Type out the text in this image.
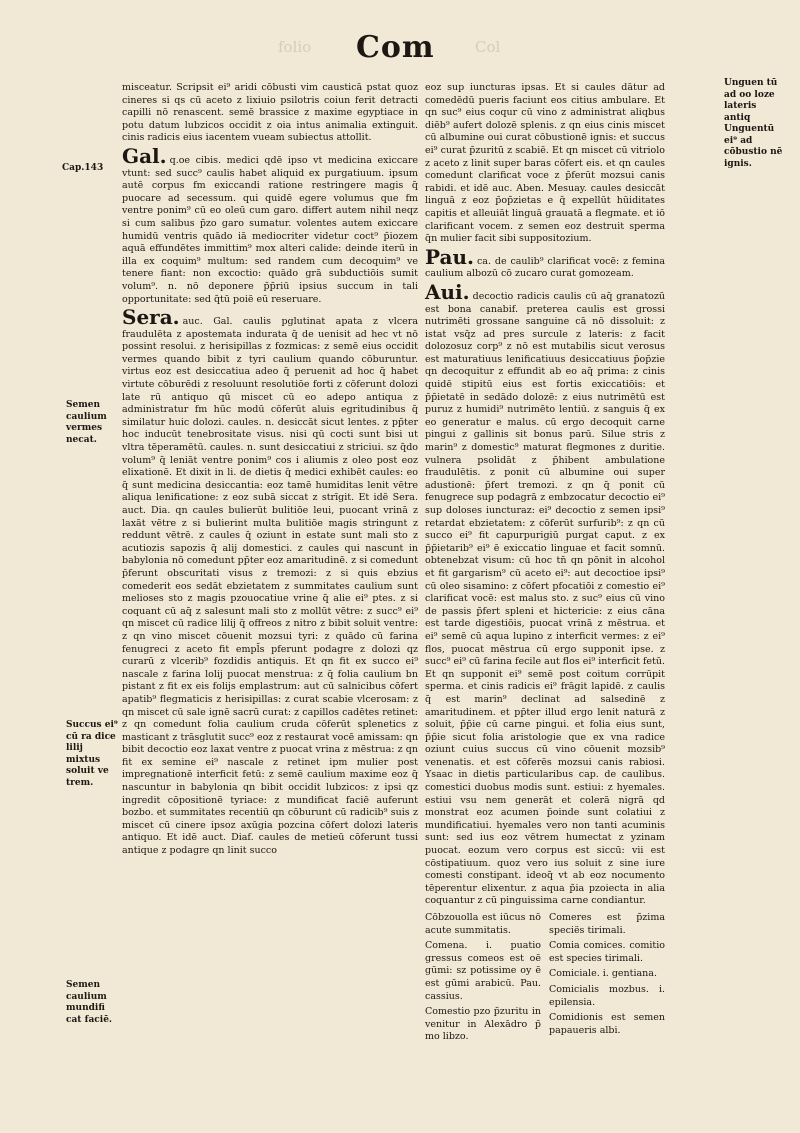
folio Com	Col
Cap.143
Semen caulium vermes necat.
Succus ei⁹ cū ra dice lilij mixtus soluit ve trem.
Semen caulium mundifi cat faciē.
Unguen tū ad oo loze lateris antiq Unguentū ei⁹ ad cōbustio nē ignis.

misceatur. Scripsit ei⁹ aridi cōbusti vim causticā pstat quoz cineres si qs cū aceto z lixiuio psilotris coiun ferit detracti capilli nō renascent. semē brassice z maxime egyptiace in potu datum lubzicos occidit z oia intus animalia extinguit. cinis radicis eius iacentem vueam subiectus attollit.

Gal. q.oe cibis. medici qdē ipso vt medicina exiccare vtunt: sed succ⁹ caulis habet aliquid ex purgatiuum. ipsum autē corpus fm exiccandi ratione restringere magis q̄ puocare ad secessum. qui quidē egere volumus que fm ventre ponim⁹ cū eo oleū cum garo. differt autem nihil neqz si cum salibus p̄zo garo sumatur. volentes autem exiccare humidū ventris quādo iā mediocriter videtur coct⁹ p̄iozem aquā effundētes immittim⁹ mox alteri calide: deinde iterū in illa ex coquim⁹ multum: sed randem cum decoquim⁹ ve tenere fiant: non excoctio: quādo grā subductiōis sumit volum⁹. n. nō deponere p̄p̄riū ipsius succum in tali opportunitate: sed q̄tū poiē eū reseruare.

Sera. auc. Gal. caulis pglutinat apata z vlcera fraudulēta z apostemata indurata q̄ de uenisit ad hec vt nō possint resolui. z herisipillas z fozmicas: z semē eius occidit vermes quando bibit z tyri caulium quando cōburuntur. virtus eoz est desiccatiua adeo q̄ peruenit ad hoc q̄ habet virtute cōburēdi z resoluunt resolutiōe forti z cōferunt dolozi late rū antiquo qū miscet cū eo adepo antiqua z administratur fm hūc modū cōferūt aluis egritudinibus q̄ similatur huic dolozi. caules. n. desiccāt sicut lentes. z pp̄ter hoc inducūt tenebrositate visus. nisi qū cocti sunt bisi ut vltra tēperamētū. caules. n. sunt desiccatiui z striciui. sz q̄do volum⁹ q̄ leniāt ventre ponim⁹ cos i aliumis z oleo post eoz elixationē. Et dixit in li. de dietis q̄ medici exhibēt caules: eo q̄ sunt medicina desiccantia: eoz tamē humiditas lenit vētre aliqua lenificatione: z eoz subā siccat z strīgit. Et idē Sera. auct. Dia. qn caules bulierūt bulitiōe leui, puocant vrinā z laxāt vētre z si bulierint multa bulitiōe magis stringunt z reddunt vētrē. z caules q̄ oziunt in estate sunt mali sto z acutiozis sapozis q̄ alij domestici. z caules qui nascunt in babylonia nō comedunt pp̄ter eoz amaritudinē. z si comedunt p̄ferunt obscuritati visus z tremozi: z si quis ebzius comederit eos sedāt ebzietatem z summitates caulium sunt melioses sto z magis pzouocatiue vrine q̄ alie ei⁹ ptes. z si coquant cū aq̄ z salesunt mali sto z mollūt vētre: z succ⁹ ei⁹ qn miscet cū radice lilij q̄ offreos z nitro z bibit soluit ventre: z qn vino miscet cōuenit mozsui tyri: z quādo cū farina fenugreci z aceto fit empl̄s pferunt podagre z dolozi qz curarū z vlcerib⁹ fozdidis antiquis. Et qn fit ex succo ei⁹ nascale z farina lolij puocat menstrua: z q̄ folia caulium bn pistant z fit ex eis folijs emplastrum: aut cū salnicibus cōfert apatib⁹ flegmaticis z herisipillas: z curat scabie vlcerosam: z qn miscet cū sale ignē sacrū curat: z capillos cadētes retinet: z qn comedunt folia caulium cruda cōferūt splenetics z masticant z trāsglutit succ⁹ eoz z restaurat vocē amissam: qn bibit decoctio eoz laxat ventre z puocat vrina z mēstrua: z qn fit ex semine ei⁹ nascale z retinet ipm mulier post impregnationē interficit fetū: z semē caulium maxime eoz q̄ nascuntur in babylonia qn bibit occidit lubzicos: z ipsi qz ingredit cōpositionē tyriace: z mundificat faciē auferunt bozbo. et summitates recentiū qn cōburunt cū radicib⁹ suis z miscet cū cinere ipsoz axūgia pozcina cōfert dolozi lateris antiquo. Et idē auct. Diaf. caules de metieū cōferunt tussi antique z podagre qn linit succo

eoz sup iuncturas ipsas. Et si caules dātur ad comedēdū pueris faciunt eos citius ambulare. Et qn suc⁹ eius coqur cū vino z administrat aliqbus diēb⁹ aufert dolozē splenis. z qn eius cinis miscet cū albumine oui curat cōbustionē ignis: et succus ei⁹ curat p̄zuritū z scabiē. Et qn miscet cū vitriolo z aceto z linit super baras cōfert eis. et qn caules comedunt clarificat voce z p̄ferūt mozsui canis rabidi. et idē auc. Aben. Mesuay. caules desiccāt linguā z eoz p̄op̄zietas e q̄ expellūt hūiditates capitis et alleuiāt linguā grauatā a flegmate. et iō clarificant vocem. z semen eoz destruit sperma q̄n mulier facit sibi suppositozium.

Pau. ca. de caulib⁹ clarificat vocē: z femina caulium albozū cō zucaro curat gomozeam.

Aui. decoctio radicis caulis cū aq̄ granatozū est bona canabif. preterea caulis est grossi nutrimēti grossane sanguine cā nō dissoluit: z istat vsq̄z ad pres surcule z lateris: z facit dolozosuz corp⁹ z nō est mutabilis sicut verosus est maturatiuus lenificatiuus desiccatiuus p̄op̄zie qn decoquitur z effundit ab eo aq̄ prima: z cinis quidē stipitū eius est fortis exiccatiōis: et p̄p̄ietatē in sedādo dolozē: z eius nutrimētū est puruz z humidi⁹ nutrimēto lentiū. z sanguis q̄ ex eo generatur e malus. cū ergo decoquit carne pingui z gallinis sit bonus parū. Silue stris z marin⁹ z domestic⁹ maturat flegmones z duritie. vulnera psolidāt z p̄hibent ambulatione fraudulētis. z ponit cū albumine oui super adustionē: p̄fert tremozi. z qn q̄ ponit cū fenugrece sup podagrā z embzocatur decoctio ei⁹ sup doloses iuncturaz: ei⁹ decoctio z semen ipsi⁹ retardat ebzietatem: z cōferūt surfurib⁹: z qn cū succo ei⁹ fit capurpurigiū purgat caput. z ex p̄p̄ietarib⁹ ei⁹ ē exiccatio linguae et facit somnū. obtenebzat visum: cū hoc tn̄ qn pōnit in alcohol et fit gargarism⁹ cū aceto ei⁹: aut decoctioe ipsi⁹ cū oleo sisamino: z cōfert pfocatiōi z comestio ei⁹ clarificat vocē: est malus sto. z suc⁹ eius cū vino de passis p̄fert spleni et hictericie: z eius cāna est tarde digestiōis, puocat vrinā z mēstrua. et ei⁹ semē cū aqua lupino z interficit vermes: z ei⁹ flos, puocat mēstrua cū ergo supponit ipse. z succ⁹ ei⁹ cū farina fecile aut flos ei⁹ interficit fetū. Et qn supponit ei⁹ semē post coitum corrūpit sperma. et cinis radicis ei⁹ frāgit lapidē. z caulis q̄ est marin⁹ declinat ad salsedinē z amaritudinem. et pp̄ter illud ergo lenit naturā z soluit, p̄p̄ie cū carne pingui. et folia eius sunt, p̄p̄ie sicut folia aristologie que ex vna radice oziunt cuius succus cū vino cōuenit mozsib⁹ venenatis. et est cōferēs mozsui canis rabiosi. Ysaac in dietis particularibus cap. de caulibus. comestici duobus modis sunt. estiui: z hyemales. estiui vsu nem generāt et colerā nigrā qd monstrat eoz acumen p̄oinde sunt colatiui z mundificatiui. hyemales vero non tanti acuminis sunt: sed ius eoz vētrem humectat z yzinam puocat. eozum vero corpus est siccū: vii est cōstipatiuum. quoz vero ius soluit z sine iure comesti constipant. ideoq̄ vt ab eoz nocumento tēperentur elixentur. z aqua p̄ia pzoiecta in alia coquantur z cū pinguissima carne condiantur.

Cōbzouolla est iūcus nō acute summitatis.

Comena. i. puatio gressus comeos est oē gūmi: sz potissime oy ē est gūmi arabicū. Pau. cassius.

Comestio pzo p̄zuritu in venitur in Alexādro p̄ mo libzo.

Comeres est p̄zima speciës tirimali.

Comia comices. comitio est species tirimali.

Comiciale. i. gentiana.

Comicialis mozbus. i. epilensia.

Comidionis est semen papaueris albi.
